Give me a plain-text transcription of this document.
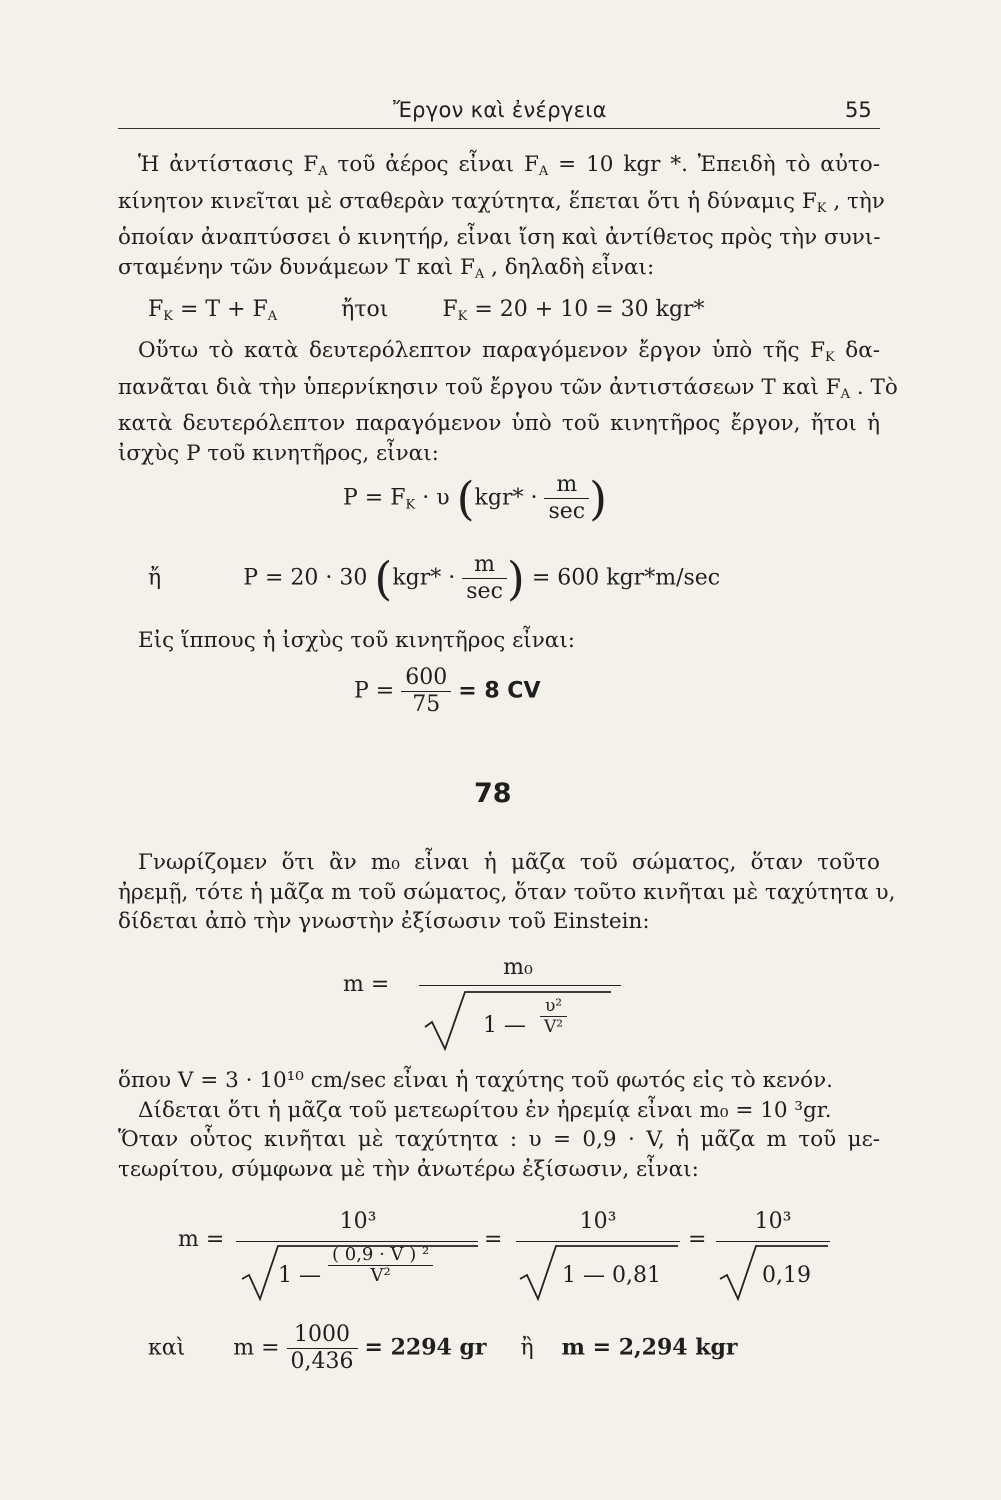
Ἔργον καὶ ἐνέργεια	55
Ἡ ἀντίστασις $F_A$ τοῦ ἀέρος εἶναι $F_A = 10$ kgr *. Ἐπειδὴ τὸ αὐτο-
κίνητον κινεῖται μὲ σταθερὰν ταχύτητα, ἕπεται ὅτι ἡ δύναμις $F_K$ , τὴν
ὁποίαν ἀναπτύσσει ὁ κινητήρ, εἶναι ἴση καὶ ἀντίθετος πρὸς τὴν συνι-
σταμένην τῶν δυνάμεων T καὶ $F_A$ , δηλαδὴ εἶναι:
$F_K = T + F_A$	ἤτοι $F_K = 20 + 10 = 30$ kgr*
Οὕτω τὸ κατὰ δευτερόλεπτον παραγόμενον ἔργον ὑπὸ τῆς $F_K$ δα-
πανᾶται διὰ τὴν ὑπερνίκησιν τοῦ ἔργου τῶν ἀντιστάσεων T καὶ $F_A$ . Τὸ
κατὰ δευτερόλεπτον παραγόμενον ὑπὸ τοῦ κινητῆρος ἔργον, ἤτοι ἡ
ἰσχὺς P τοῦ κινητῆρος, εἶναι:
$P = F_K \cdot \upsilon$ ($kgr* \cdot \frac{m}{\sec}$ )
ἤ	P = 20 · 30 ($kgr* \cdot \frac{m}{\sec}$ ) = 600 kgr*m/sec
Εἰς ἵππους ἡ ἰσχὺς τοῦ κινητῆρος εἶναι:
$P = \frac{600}{75} = 8$ CV
78
Γνωρίζομεν ὅτι ἂν m₀ εἶναι ἡ μᾶζα τοῦ σώματος, ὅταν τοῦτο
ἠρεμῇ, τότε ἡ μᾶζα m τοῦ σώματος, ὅταν τοῦτο κινῆται μὲ ταχύτητα υ,
δίδεται ἀπὸ τὴν γνωστὴν ἐξίσωσιν τοῦ Einstein:
m =
m₀
1 — $\frac{\text{υ²}}{\text{V²}}$
ὅπου V = 3 · 10¹⁰ cm/sec εἶναι ἡ ταχύτης τοῦ φωτός εἰς τὸ κενόν.
Δίδεται ὅτι ἡ μᾶζα τοῦ μετεωρίτου ἐν ἠρεμίᾳ εἶναι m₀ = 10 ³gr.
Ὅταν οὗτος κινῆται μὲ ταχύτητα : υ = 0,9 · V, ἡ μᾶζα m τοῦ με-
τεωρίτου, σύμφωνα μὲ τὴν ἀνωτέρω ἐξίσωσιν, εἶναι:
m =
10³
1 — $\frac{\text{( 0,9 · V ) ²}}{\text{V²}}$
=
10³
1 — 0,81
=
10³
0,19
καὶ $m = \frac{1000}{0,436} = 2294$ gr ἢ m = 2,294 kgr
